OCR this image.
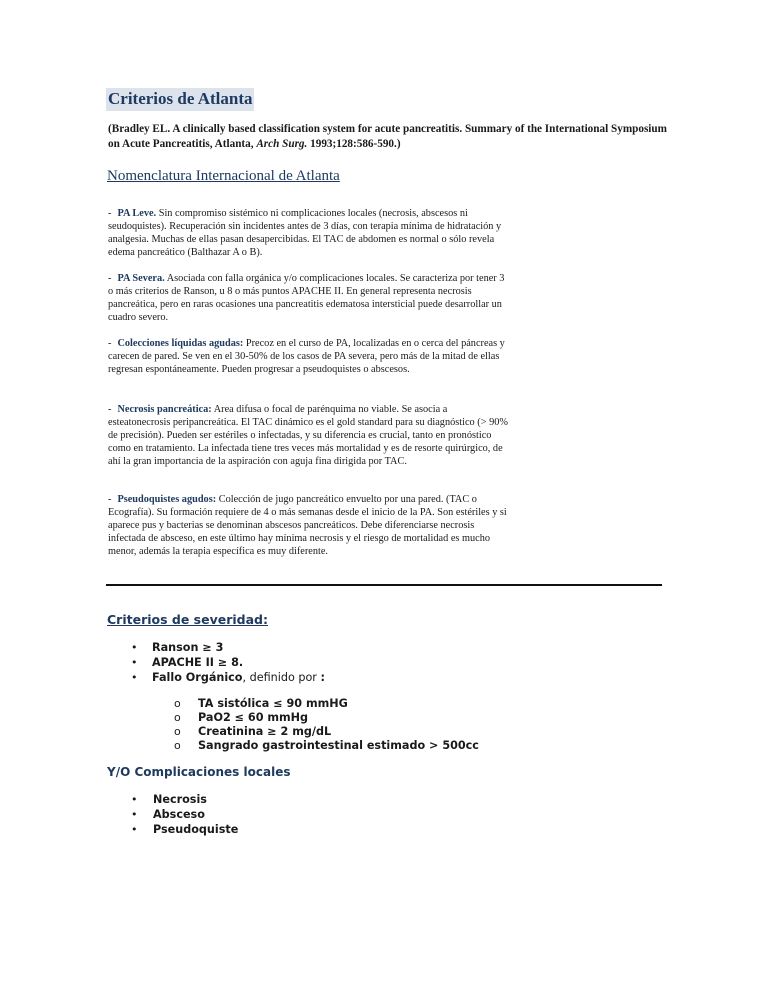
Criterios de Atlanta
(Bradley EL. A clinically based classification system for acute pancreatitis. Summary of the International Symposium on Acute Pancreatitis, Atlanta, Arch Surg. 1993;128:586-590.)
Nomenclatura Internacional de Atlanta
- PA Leve. Sin compromiso sistémico ni complicaciones locales (necrosis, abscesos ni seudoquistes). Recuperación sin incidentes antes de 3 días, con terapia mínima de hidratación y analgesia. Muchas de ellas pasan desapercibidas. El TAC de abdomen es normal o sólo revela edema pancreático (Balthazar A o B).
- PA Severa. Asociada con falla orgánica y/o complicaciones locales. Se caracteriza por tener 3 o más criterios de Ranson, u 8 o más puntos APACHE II. En general representa necrosis pancreática, pero en raras ocasiones una pancreatitis edematosa intersticial puede desarrollar un cuadro severo.
- Colecciones líquidas agudas: Precoz en el curso de PA, localizadas en o cerca del páncreas y carecen de pared. Se ven en el 30-50% de los casos de PA severa, pero más de la mitad de ellas regresan espontáneamente. Pueden progresar a pseudoquistes o abscesos.
- Necrosis pancreática: Area difusa o focal de parénquima no viable. Se asocia a esteatonecrosis peripancreática. El TAC dinámico es el gold standard para su diagnóstico (> 90% de precisión). Pueden ser estériles o infectadas, y su diferencia es crucial, tanto en pronóstico como en tratamiento. La infectada tiene tres veces más mortalidad y es de resorte quirúrgico, de ahí la gran importancia de la aspiración con aguja fina dirigida por TAC.
- Pseudoquistes agudos: Colección de jugo pancreático envuelto por una pared. (TAC o Ecografía). Su formación requiere de 4 o más semanas desde el inicio de la PA. Son estériles y si aparece pus y bacterias se denominan abscesos pancreáticos. Debe diferenciarse necrosis infectada de absceso, en este último hay mínima necrosis y el riesgo de mortalidad es mucho menor, además la terapia específica es muy diferente.
Criterios de severidad:
• Ranson ≥ 3
• APACHE II ≥ 8.
• Fallo Orgánico, definido por :
o TA sistólica ≤ 90 mmHG
o PaO2 ≤ 60 mmHg
o Creatinina ≥ 2 mg/dL
o Sangrado gastrointestinal estimado > 500cc
Y/O Complicaciones locales
• Necrosis
• Absceso
• Pseudoquiste
